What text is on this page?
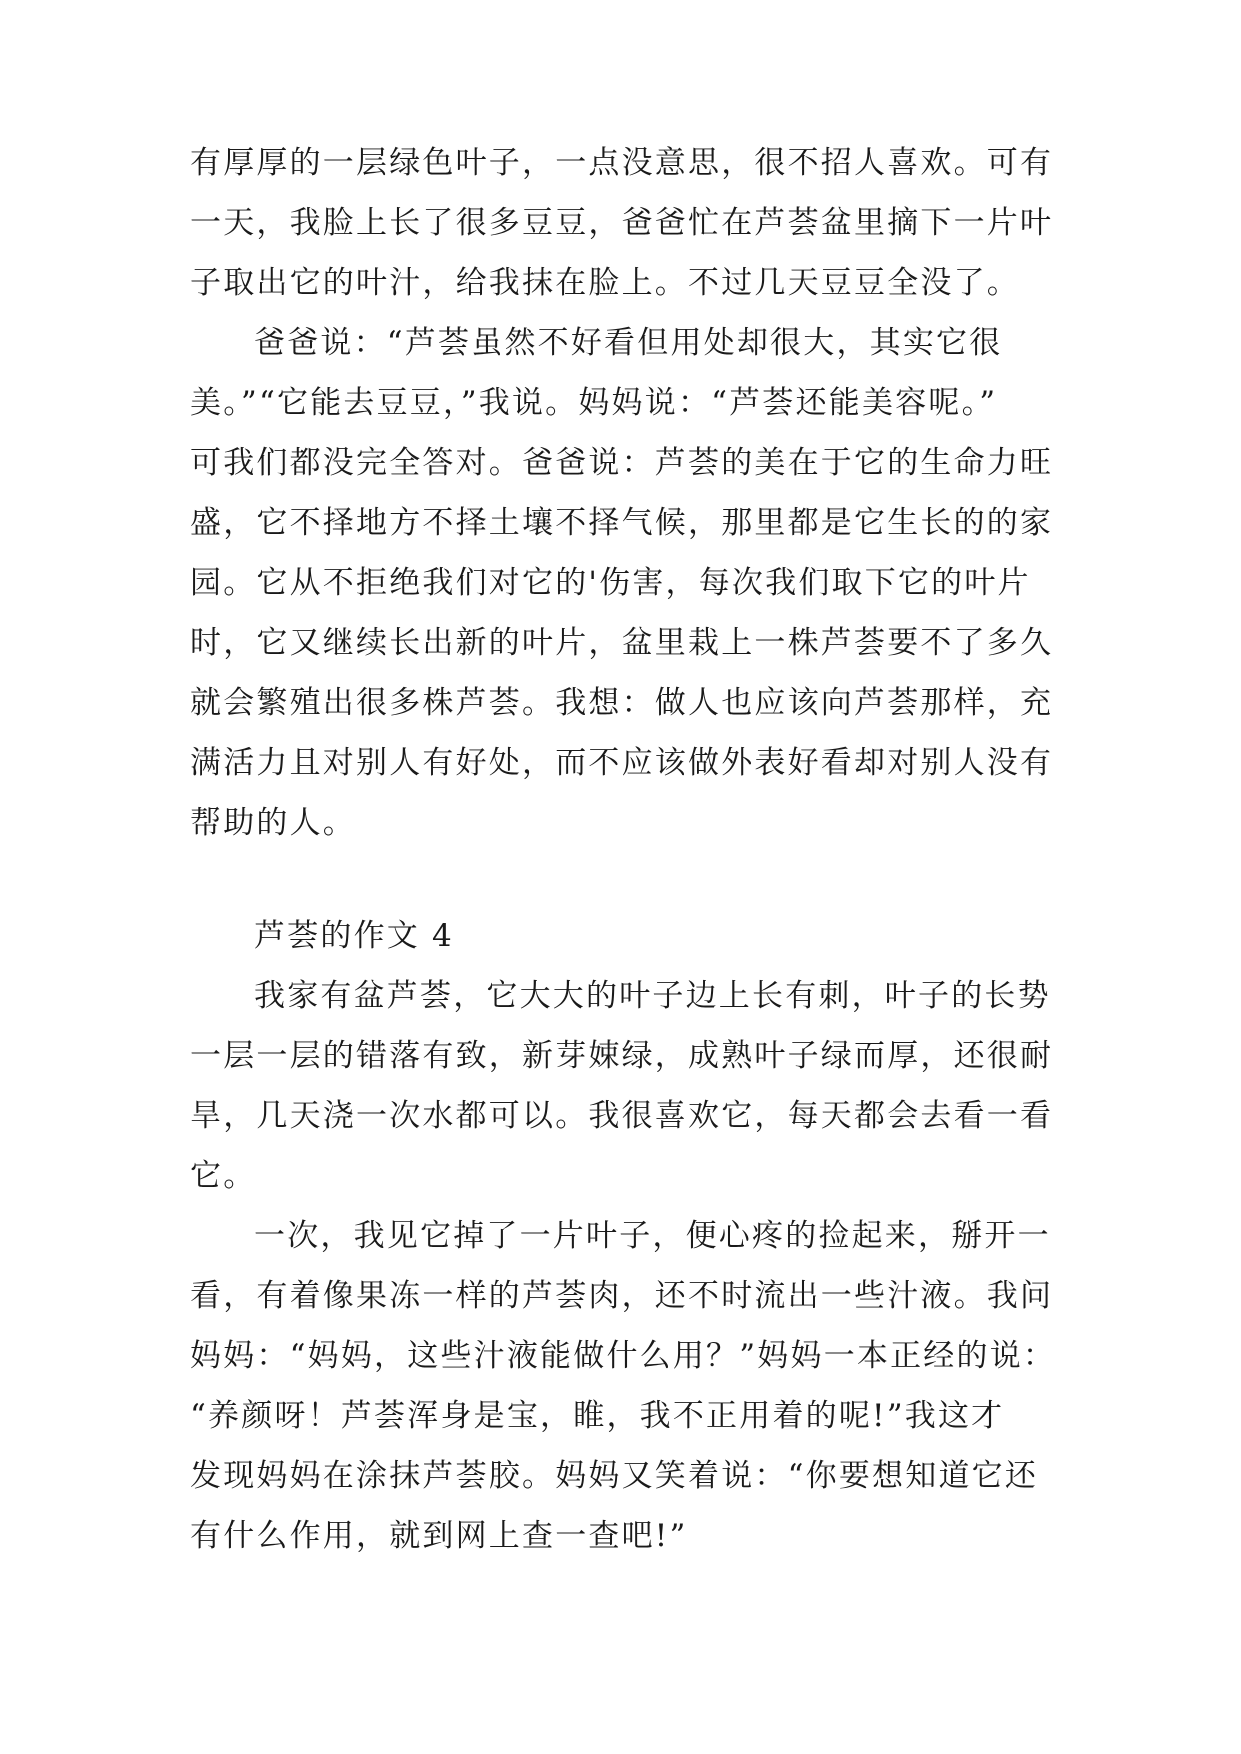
有厚厚的一层绿色叶子，一点没意思，很不招人喜欢。可有
一天，我脸上长了很多豆豆，爸爸忙在芦荟盆里摘下一片叶
子取出它的叶汁，给我抹在脸上。不过几天豆豆全没了。
爸爸说：“芦荟虽然不好看但用处却很大，其实它很
美。”“它能去豆豆，”我说。妈妈说：“芦荟还能美容呢。”
可我们都没完全答对。爸爸说：芦荟的美在于它的生命力旺
盛，它不择地方不择土壤不择气候，那里都是它生长的的家
园。它从不拒绝我们对它的'伤害，每次我们取下它的叶片
时，它又继续长出新的叶片，盆里栽上一株芦荟要不了多久
就会繁殖出很多株芦荟。我想：做人也应该向芦荟那样，充
满活力且对别人有好处，而不应该做外表好看却对别人没有
帮助的人。
芦荟的作文 4
我家有盆芦荟，它大大的叶子边上长有刺，叶子的长势
一层一层的错落有致，新芽娕绿，成熟叶子绿而厚，还很耐
旱，几天浇一次水都可以。我很喜欢它，每天都会去看一看
它。
一次，我见它掉了一片叶子，便心疼的捡起来，掰开一
看，有着像果冻一样的芦荟肉，还不时流出一些汁液。我问
妈妈：“妈妈，这些汁液能做什么用？”妈妈一本正经的说：
“养颜呀！芦荟浑身是宝，睢，我不正用着的呢!”我这才
发现妈妈在涂抹芦荟胶。妈妈又笑着说：“你要想知道它还
有什么作用，就到网上查一查吧!”
